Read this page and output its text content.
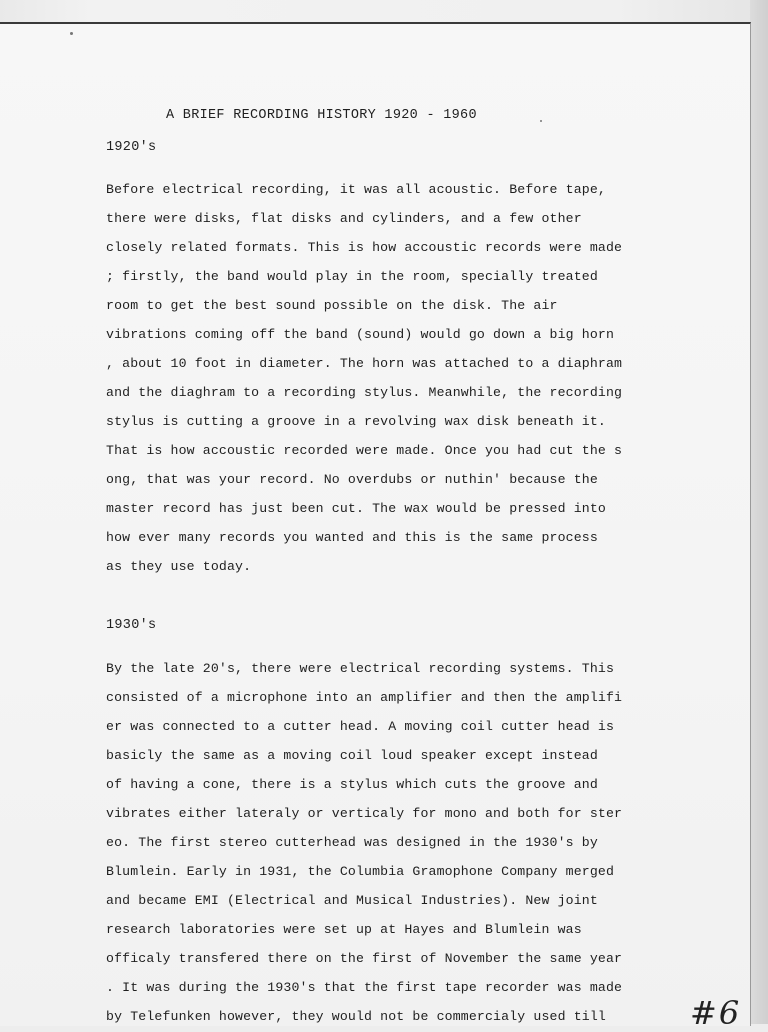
A BRIEF RECORDING HISTORY 1920 - 1960
1920's
Before electrical recording, it was all acoustic. Before tape,
there were disks, flat disks and cylinders, and a few other
closely related formats. This is how accoustic records were made
; firstly, the band would play in the room, specially treated
room to get the best sound possible on the disk. The air
vibrations coming off the band (sound) would go down a big horn
, about 10 foot in diameter. The horn was attached to a diaphram
and the diaghram to a recording stylus. Meanwhile, the recording
stylus is cutting a groove in a revolving wax disk beneath it.
That is how accoustic recorded were made. Once you had cut the s
ong, that was your record. No overdubs or nuthin' because the
master record has just been cut. The wax would be pressed into
how ever many records you wanted and this is the same process
as they use today.
1930's
By the late 20's, there were electrical recording systems. This
consisted of a microphone into an amplifier and then the amplifi
er was connected to a cutter head. A moving coil cutter head is
basicly the same as a moving coil loud speaker except instead
of having a cone, there is a stylus which cuts the groove and
vibrates either lateraly or verticaly for mono and both for ster
eo. The first stereo cutterhead was designed in the 1930's by
Blumlein. Early in 1931, the Columbia Gramophone Company merged
and became EMI (Electrical and Musical Industries). New joint
research laboratories were set up at Hayes and Blumlein was
officaly transfered there on the first of November the same year
. It was during the 1930's that the first tape recorder was made
by Telefunken however, they would not be commercialy used till	#6
